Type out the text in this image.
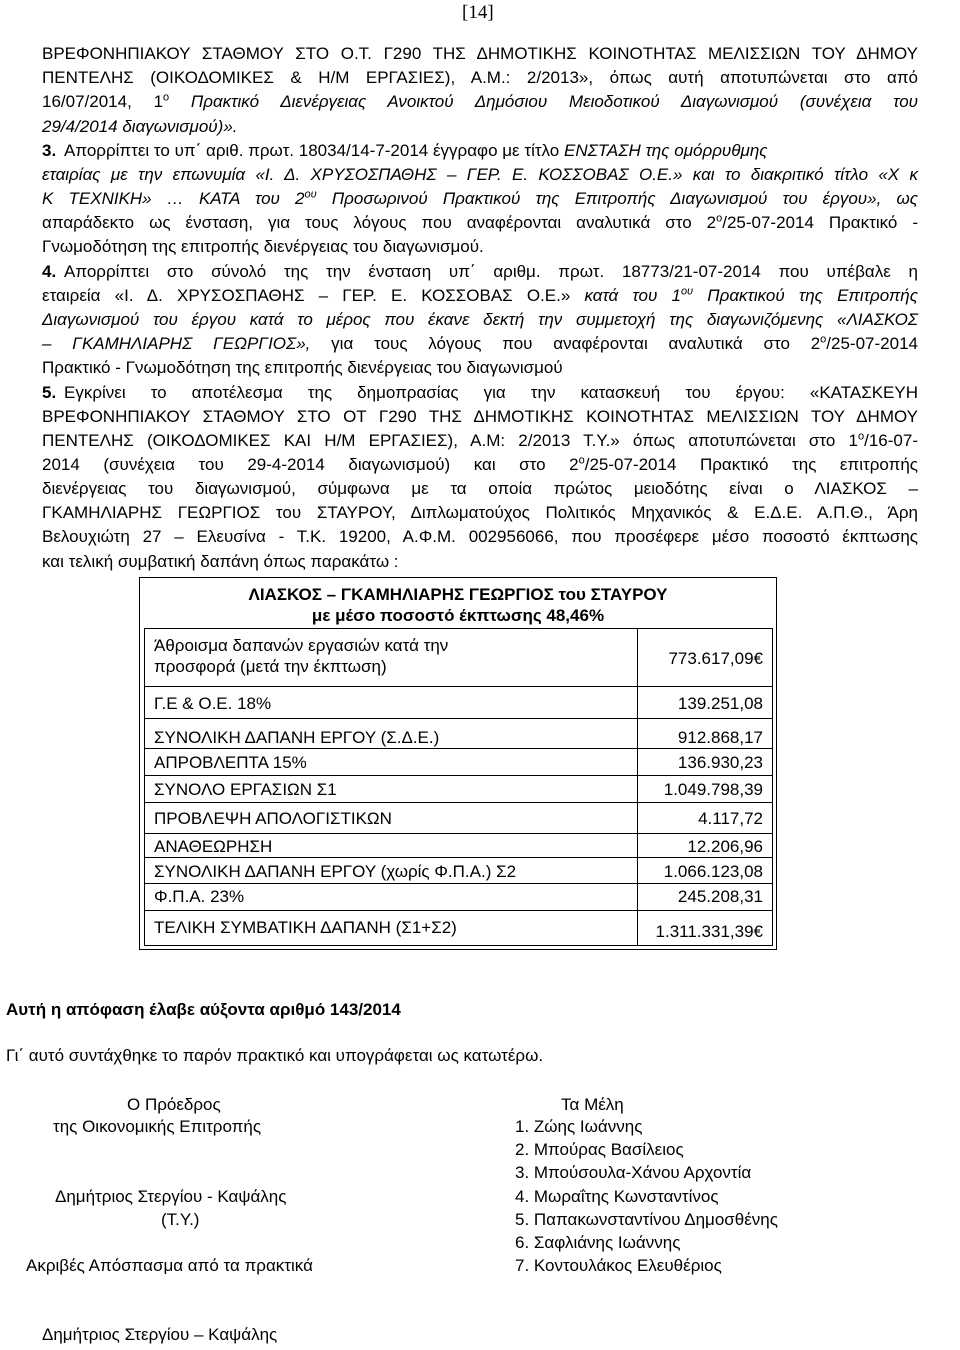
[14]
ΒΡΕΦΟΝΗΠΙΑΚΟΥ ΣΤΑΘΜΟΥ ΣΤΟ Ο.Τ. Γ290 ΤΗΣ ΔΗΜΟΤΙΚΗΣ ΚΟΙΝΟΤΗΤΑΣ ΜΕΛΙΣΣΙΩΝ ΤΟΥ ΔΗΜΟΥ
ΠΕΝΤΕΛΗΣ (ΟΙΚΟΔΟΜΙΚΕΣ & Η/Μ ΕΡΓΑΣΙΕΣ), Α.Μ.: 2/2013», όπως αυτή αποτυπώνεται στο από
16/07/2014, $1^o$ Πρακτικό Διενέργειας Ανοικτού Δημόσιου Μειοδοτικού Διαγωνισμού (συνέχεια του
29/4/2014 διαγωνισμού)».
3. Απορρίπτει το υπ΄ αριθ. πρωτ. 18034/14-7-2014 έγγραφο με τίτλο ΕΝΣΤΑΣΗ της ομόρρυθμης
εταιρίας με την επωνυμία «Ι. Δ. ΧΡΥΣΟΣΠΑΘΗΣ – ΓΕΡ. Ε. ΚΟΣΣΟΒΑΣ Ο.Ε.» και το διακριτικό τίτλο «Χ κ
Κ ΤΕΧΝΙΚΗ» … ΚΑΤΑ του $2^{o\upsilon}$ Προσωρινού Πρακτικού της Επιτροπής Διαγωνισμού του έργου», ως
απαράδεκτο ως ένσταση, για τους λόγους που αναφέρονται αναλυτικά στο $2^o/25-07-2014$ Πρακτικό -
Γνωμοδότηση της επιτροπής διενέργειας του διαγωνισμού.
4. Απορρίπτει στο σύνολό της την ένσταση υπ΄ αριθμ. πρωτ. 18773/21-07-2014 που υπέβαλε η
εταιρεία «Ι. Δ. ΧΡΥΣΟΣΠΑΘΗΣ – ΓΕΡ. Ε. ΚΟΣΣΟΒΑΣ Ο.Ε.» κατά του $1^{o\upsilon}$ Πρακτικού της Επιτροπής
Διαγωνισμού του έργου κατά το μέρος που έκανε δεκτή την συμμετοχή της διαγωνιζόμενης «ΛΙΑΣΚΟΣ
– ΓΚΑΜΗΛΙΑΡΗΣ ΓΕΩΡΓΙΟΣ», για τους λόγους που αναφέρονται αναλυτικά στο $2^o/25-07-2014$
Πρακτικό - Γνωμοδότηση της επιτροπής διενέργειας του διαγωνισμού
5. Εγκρίνει το αποτέλεσμα της δημοπρασίας για την κατασκευή του έργου: «ΚΑΤΑΣΚΕΥΗ
ΒΡΕΦΟΝΗΠΙΑΚΟΥ ΣΤΑΘΜΟΥ ΣΤΟ ΟΤ Γ290 ΤΗΣ ΔΗΜΟΤΙΚΗΣ ΚΟΙΝΟΤΗΤΑΣ ΜΕΛΙΣΣΙΩΝ ΤΟΥ ΔΗΜΟΥ
ΠΕΝΤΕΛΗΣ (ΟΙΚΟΔΟΜΙΚΕΣ ΚΑΙ Η/Μ ΕΡΓΑΣΙΕΣ), Α.Μ: 2/2013 Τ.Υ.» όπως αποτυπώνεται στο $1^o/16-07-$
2014 (συνέχεια του 29-4-2014 διαγωνισμού) και στο $2^o/25-07-2014$ Πρακτικό της επιτροπής
διενέργειας του διαγωνισμού, σύμφωνα με τα οποία πρώτος μειοδότης είναι ο ΛΙΑΣΚΟΣ –
ΓΚΑΜΗΛΙΑΡΗΣ ΓΕΩΡΓΙΟΣ του ΣΤΑΥΡΟΥ, Διπλωματούχος Πολιτικός Μηχανικός & Ε.Δ.Ε. Α.Π.Θ., Άρη
Βελουχιώτη 27 – Ελευσίνα - Τ.Κ. 19200, Α.Φ.Μ. 002956066, που προσέφερε μέσο ποσοστό έκπτωσης
και τελική συμβατική δαπάνη όπως παρακάτω :
ΛΙΑΣΚΟΣ – ΓΚΑΜΗΛΙΑΡΗΣ ΓΕΩΡΓΙΟΣ του ΣΤΑΥΡΟΥ
με μέσο ποσοστό έκπτωσης 48,46%
Άθροισμα δαπανών εργασιών κατά την προσφορά (μετά την έκπτωση)	773.617,09€
Γ.Ε & Ο.Ε. 18%	139.251,08
ΣΥΝΟΛΙΚΗ ΔΑΠΑΝΗ ΕΡΓΟΥ (Σ.Δ.Ε.)	912.868,17
ΑΠΡΟΒΛΕΠΤΑ 15%	136.930,23
ΣΥΝΟΛΟ ΕΡΓΑΣΙΩΝ Σ1	1.049.798,39
ΠΡΟΒΛΕΨΗ ΑΠΟΛΟΓΙΣΤΙΚΩΝ	4.117,72
ΑΝΑΘΕΩΡΗΣΗ	12.206,96
ΣΥΝΟΛΙΚΗ ΔΑΠΑΝΗ ΕΡΓΟΥ (χωρίς Φ.Π.Α.) Σ2	1.066.123,08
Φ.Π.Α. 23%	245.208,31
ΤΕΛΙΚΗ ΣΥΜΒΑΤΙΚΗ ΔΑΠΑΝΗ (Σ1+Σ2)	1.311.331,39€
Αυτή η απόφαση έλαβε αύξοντα αριθμό 143/2014
Γι΄ αυτό συντάχθηκε το παρόν πρακτικό και υπογράφεται ως κατωτέρω.
Ο Πρόεδρος
της Οικονομικής Επιτροπής
Δημήτριος Στεργίου - Καψάλης
(Τ.Υ.)
Ακριβές Απόσπασμα από τα πρακτικά
Δημήτριος Στεργίου – Καψάλης
Τα Μέλη
1. Ζώης Ιωάννης
2. Μπούρας Βασίλειος
3. Μπούσουλα-Χάνου Αρχοντία
4. Μωραΐτης Κωνσταντίνος
5. Παπακωνσταντίνου Δημοσθένης
6. Σαφλιάνης Ιωάννης
7. Κοντουλάκος Ελευθέριος
